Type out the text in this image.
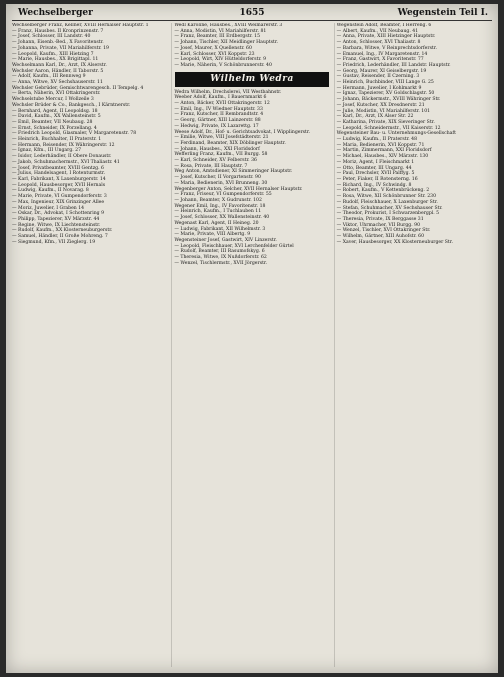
Wechselberger	1655	Wegenstein Teil I.

Wechselberger Franz, Kellner, XVIII Hernalser Hauptstr. 1

— Franz, Hausbes. II Kronprinzenstr. 7

— Josef, Schlosser, III Landstr. 40

— Johann, Eisenb.-Bed., X Favoritenstr.

— Johanna, Private, VII Mariahilferstr. 19

— Leopold, Kaufm., XIII Hietzing 7

— Marie, Hausbes., XX Brigittapl. 11

Wechselmann Karl, Dr., Arzt, IX Alserstr.

Wechsler Aaron, Händler, II Taborstr. 5

— Adolf, Kaufm., III Rennweg 9

— Anna, Witwe, XV Sechshauserstr. 11

Wechsler Gebrüder, Gemischtwarengesch. II Tempelg. 4

— Berta, Näherin, XVI Ottakringerstr.

Wechselstube Mercur, I Wollzeile 3

Wechsler Brüder & Co., Bankgesch., I Kärntnerstr.

— Bernhard, Agent, II Leopoldsg. 18

— David, Kaufm., XX Wallensteinstr. 5

— Emil, Beamter, VII Neubaug. 28

— Ernst, Schneider, IX Porzellang. 4

— Friedrich Leopold, Glasmaler, V Margaretenstr. 78

— Heinrich, Buchhalter, II Praterstr. 1

— Hermann, Reisender, IX Währingerstr. 12

— Ignaz, Kfm., III Ungarg. 27

— Isidor, Lederhändler, II Obere Donaustr.

— Jakob, Schuhmachermstr., XVI Thaliastr. 41

— Josef, Privatbeamter, XVIII Gentzg. 6

— Julius, Handelsagent, I Rotenturmstr.

— Karl, Fabrikant, X Laxenburgerstr. 14

— Leopold, Hausbesorger, XVII Hernals

— Ludwig, Kaufm., II Novarag. 8

— Marie, Private, VI Gumpendorferstr. 3

— Max, Ingenieur, XIX Grinzinger Allee

— Moriz, Juwelier, I Graben 14

— Oskar, Dr., Advokat, I Schottenring 9

— Philipp, Tapezierer, XV Märzstr. 44

— Regine, Witwe, IX Liechtensteinstr.

— Rudolf, Kaufm., XX Klosterneuburgerstr.

— Samuel, Händler, II Große Mohreng. 7

— Siegmund, Kfm., VII Zieglerg. 19

Wedl Karoline, Hausbes., XVIII Weimarerstr. 3

— Anna, Modistin, VI Mariahilferstr. 81

— Franz, Beamter, III Erdbergstr. 15

— Johann, Tischler, XII Meidlinger Hauptstr.

— Josef, Maurer, X Quellenstr. 60

— Karl, Schlosser, XVI Koppstr. 23

— Leopold, Wirt, XIV Hütteldorferstr. 9

— Marie, Näherin, V Schönbrunnerstr. 40

Wilhelm Wedra

Wedra Wilhelm, Drechslerei, VII Westbahnstr.

Weeber Adolf, Kaufm., I Bauernmarkt 6

— Anton, Bäcker, XVII Ottakringerstr. 12

— Emil, Ing., IV Wiedner Hauptstr. 33

— Franz, Kutscher, II Rembrandtstr. 4

— Georg, Gärtner, XIII Lainzerstr. 88

— Hedwig, Private, IX Lazarettg. 17

Weese Adolf, Dr., Hof- u. Gerichtsadvokat, I Wipplingerstr.

— Emilie, Witwe, VIII Josefstädterstr. 21

— Ferdinand, Beamter, XIX Döblinger Hauptstr.

— Johann, Hausbes., XXI Floridsdorf

Wefferling Franz, Kaufm., VII Burgg. 58

— Karl, Schneider, XV Felberstr. 36

— Rosa, Private, III Hauptstr. 7

Weg Anton, Amtsdiener, XI Simmeringer Hauptstr.

— Josef, Kutscher, II Vorgartenstr. 90

— Maria, Bedienerin, XVI Brunneng. 30

Wegenberger Anton, Selcher, XVII Hernalser Hauptstr.

— Franz, Friseur, VI Gumpendorferstr. 55

— Johann, Beamter, X Gudrunstr. 102

Wegener Emil, Ing., IV Favoritenstr. 18

— Heinrich, Kaufm., I Tuchlauben 11

— Josef, Schlosser, XX Wallensteinstr. 40

Wegenast Karl, Agent, II Heineg. 20

— Ludwig, Fabrikant, XII Wilhelmstr. 3

— Marie, Private, VIII Albertg. 9

Wegensteiner Josef, Gastwirt, XIV Linzerstr.

— Leopold, Fleischhauer, XVI Lerchenfelder Gürtel

— Rudolf, Beamter, III Rasumofskyg. 6

— Theresia, Witwe, IX Nußdorferstr. 62

— Wenzel, Tischlermstr., XVII Jörgerstr.

Wegenstein Adolf, Beamter, I Herreng. 6

— Albert, Kaufm., VII Neubaug. 41

— Anna, Private, XIII Hietzinger Hauptstr.

— Anton, Schlosser, XVI Thaliastr. 8

— Barbara, Witwe, V Reinprechtsdorferstr.

— Emanuel, Ing., IV Margaretenstr. 14

— Franz, Gastwirt, X Favoritenstr. 77

— Friedrich, Lederhändler, III Landstr. Hauptstr.

— Georg, Maurer, XI Geiselbergstr. 19

— Gustav, Reisender, II Czerning. 3

— Heinrich, Buchbinder, VIII Lange G. 25

— Hermann, Juwelier, I Kohlmarkt 9

— Ignaz, Tapezierer, XV Goldschlagstr. 50

— Johann, Bäckermstr., XVIII Währinger Str.

— Josef, Kutscher, XX Dresdnerstr. 21

— Julie, Modistin, VI Mariahilferstr. 101

— Karl, Dr., Arzt, IX Alser Str. 22

— Katharina, Private, XIX Sieveringer Str.

— Leopold, Schneidermstr., VII Kaiserstr. 12

Wegensteiner Bau- u. Unternehmungs-Gesellschaft

— Ludwig, Kaufm., II Praterstr. 48

— Maria, Bedienerin, XVI Koppstr. 71

— Martin, Zimmermann, XXI Floridsdorf

— Michael, Hausbes., XIV Märzstr. 130

— Moriz, Agent, I Fleischmarkt 1

— Otto, Beamter, III Ungarg. 44

— Paul, Drechsler, XVII Palffyg. 5

— Peter, Fiaker, II Rotensterng. 16

— Richard, Ing., IV Schwindg. 8

— Robert, Kaufm., V Kettenbrückeng. 2

— Rosa, Witwe, XII Schönbrunner Str. 230

— Rudolf, Fleischhauer, X Laxenburger Str.

— Stefan, Schuhmacher, XV Sechshauser Str.

— Theodor, Prokurist, I Schwarzenbergpl. 5

— Theresia, Private, IX Berggasse 31

— Viktor, Uhrmacher, VII Burgg. 90

— Wenzel, Tischler, XVI Ottakringer Str.

— Wilhelm, Gärtner, XIII Auhofstr. 60

— Xaver, Hausbesorger, XX Klosterneuburger Str.
